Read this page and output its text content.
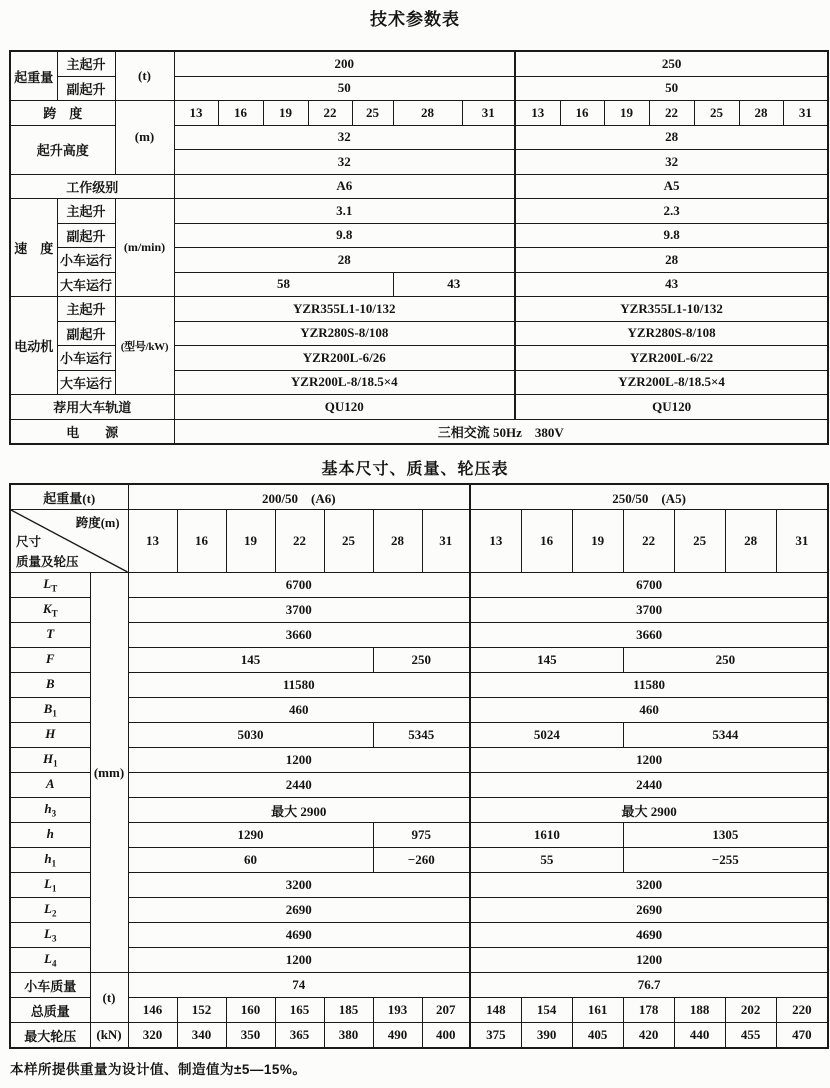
技术参数表
起重量	主起升	(t)	200							250						
	副起升		50							50						
跨　度		(m)	13	16	19	22	25	28	31	13	16	19	22	25	28	31
起升高度			32							28						
			32							32						
工作级别			A6							A5						
速　度	主起升	(m/min)	3.1							2.3						
	副起升		9.8							9.8						
	小车运行		28							28						
	大车运行		58					43		43						
电动机	主起升	(型号/kW)	YZR355L1-10/132							YZR355L1-10/132						
	副起升		YZR280S-8/108							YZR280S-8/108						
	小车运行		YZR200L-6/26							YZR200L-6/22						
	大车运行		YZR200L-8/18.5×4							YZR200L-8/18.5×4						
荐用大车轨道			QU120							QU120						
电　　源			三相交流 50Hz　380V													
基本尺寸、质量、轮压表
起重量(t)		200/50　(A6)							250/50　(A5)						

跨度(m)
尺寸
质量及轮压		13	16	19	22	25	28	31	13	16	19	22	25	28	31
$L_T$	(mm)	6700							6700						
$K_T$		3700							3700						
T		3660							3660						
F		145					250		145			250			
B		11580							11580						
$B_1$		460							460						
H		5030					5345		5024			5344			
$H_1$		1200							1200						
A		2440							2440						
$h_3$		最大 2900							最大 2900						
h		1290					975		1610			1305			
$h_1$		60					−260		55			−255			
$L_1$		3200							3200						
$L_2$		2690							2690						
$L_3$		4690							4690						
$L_4$		1200							1200						
小车质量	(t)	74							76.7						
总质量		146	152	160	165	185	193	207	148	154	161	178	188	202	220
最大轮压	(kN)	320	340	350	365	380	490	400	375	390	405	420	440	455	470

本样所提供重量为设计值、制造值为±5—15%。
